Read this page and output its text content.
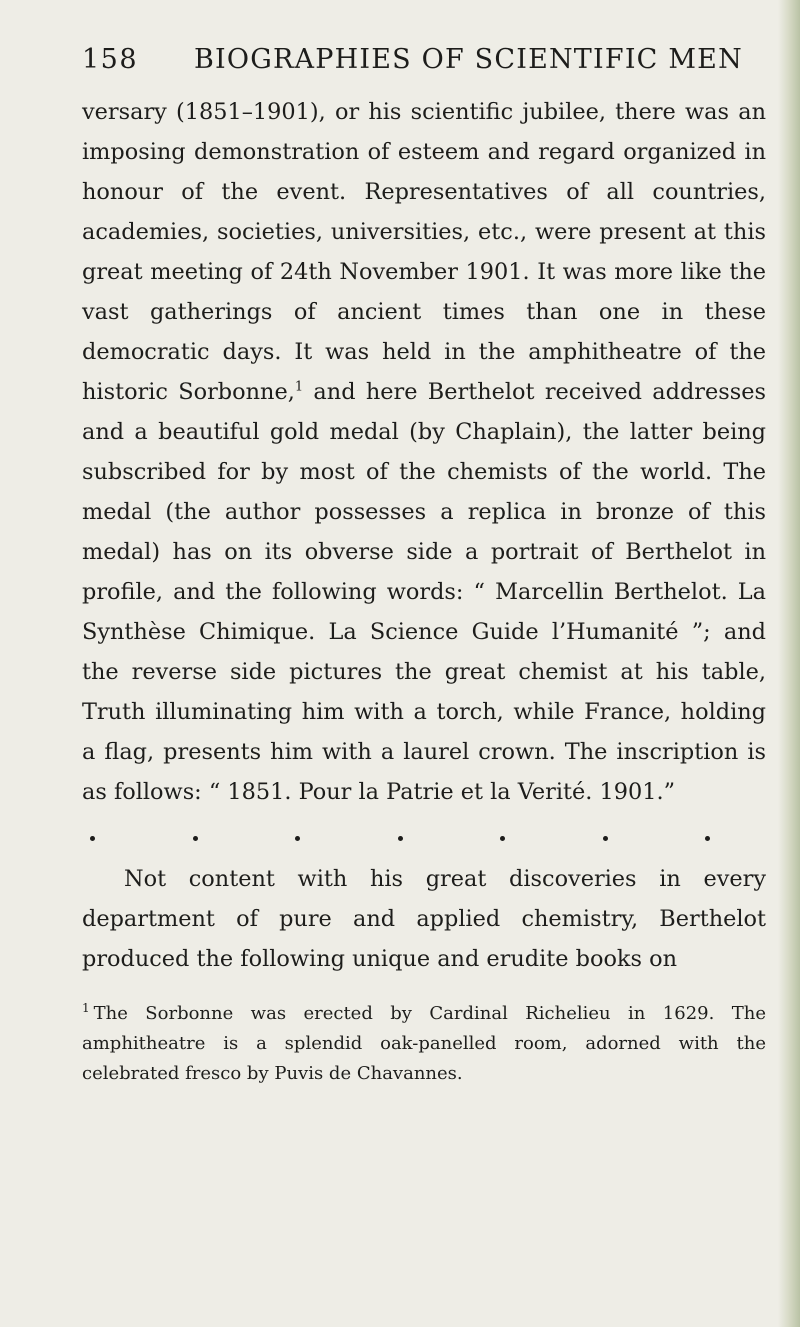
158	BIOGRAPHIES OF SCIENTIFIC MEN

versary (1851–1901), or his scientific jubilee, there was an imposing demonstration of esteem and regard organized in honour of the event. Representatives of all countries, academies, societies, universities, etc., were present at this great meeting of 24th November 1901. It was more like the vast gatherings of ancient times than one in these democratic days. It was held in the amphitheatre of the historic Sorbonne,$^1$ and here Berthelot received addresses and a beautiful gold medal (by Chaplain), the latter being subscribed for by most of the chemists of the world. The medal (the author possesses a replica in bronze of this medal) has on its obverse side a portrait of Berthelot in profile, and the following words: “ Marcellin Berthelot. La Synthèse Chimique. La Science Guide l’Humanité ”; and the reverse side pictures the great chemist at his table, Truth illuminating him with a torch, while France, holding a flag, presents him with a laurel crown. The inscription is as follows: “ 1851. Pour la Patrie et la Verité. 1901.”

Not content with his great discoveries in every department of pure and applied chemistry, Berthelot produced the following unique and erudite books on

$^1$ The Sorbonne was erected by Cardinal Richelieu in 1629. The amphitheatre is a splendid oak-panelled room, adorned with the celebrated fresco by Puvis de Chavannes.
